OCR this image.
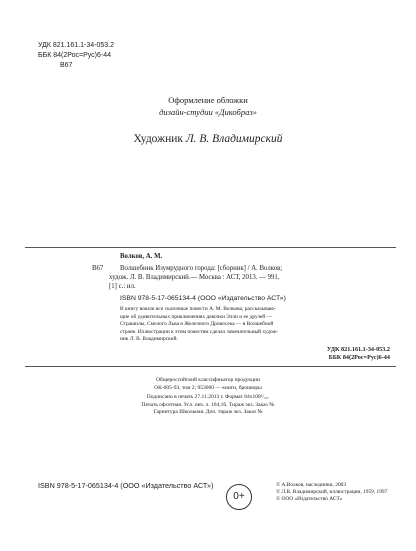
УДК 821.161.1-34-053.2
ББК 84(2Рос=Рус)6-44
В67
Оформление обложки
дизайн-студии «Дикобраз»
Художник Л. В. Владимирский
Волков, А. М.
В67 Волшебник Изумрудного города: [сборник] / А. Волков;
худож. Л. В. Владимирский.— Москва : АСТ, 2013. — 991,
[1] с.: ил.
ISBN 978-5-17-065134-4 (ООО «Издательство АСТ»)
В книгу вошли все сказочные повести А. М. Волкова, рассказываю-
щие об удивительных приключениях девочки Элли и ее друзей —
Страшилы, Смелого Льва и Железного Дровосека — в Волшебной
стране. Иллюстрации к этим повестям сделал замечательный худож-
ник Л. В. Владимирский.
УДК 821.161.1-34-053.2
ББК 84(2Рос=Рус)6-44
Общероссийский классификатор продукции
ОК-005-93, том 2; 953000 — книги, брошюры
Подписано в печать 27.11.2013 г. Формат 84х108¹/₃₂.
Печать офсетная. Усл. печ. л. 104,16. Тираж экз. Заказ №
Гарнитура Школьная. Доп. тираж экз. Заказ №
ISBN 978-5-17-065134-4 (ООО «Издательство АСТ»)
0+
© А.Волков, наследники, 2003
© Л.В. Владимирский, иллюстрации, 1959, 1997
© ООО «Издательство АСТ»
